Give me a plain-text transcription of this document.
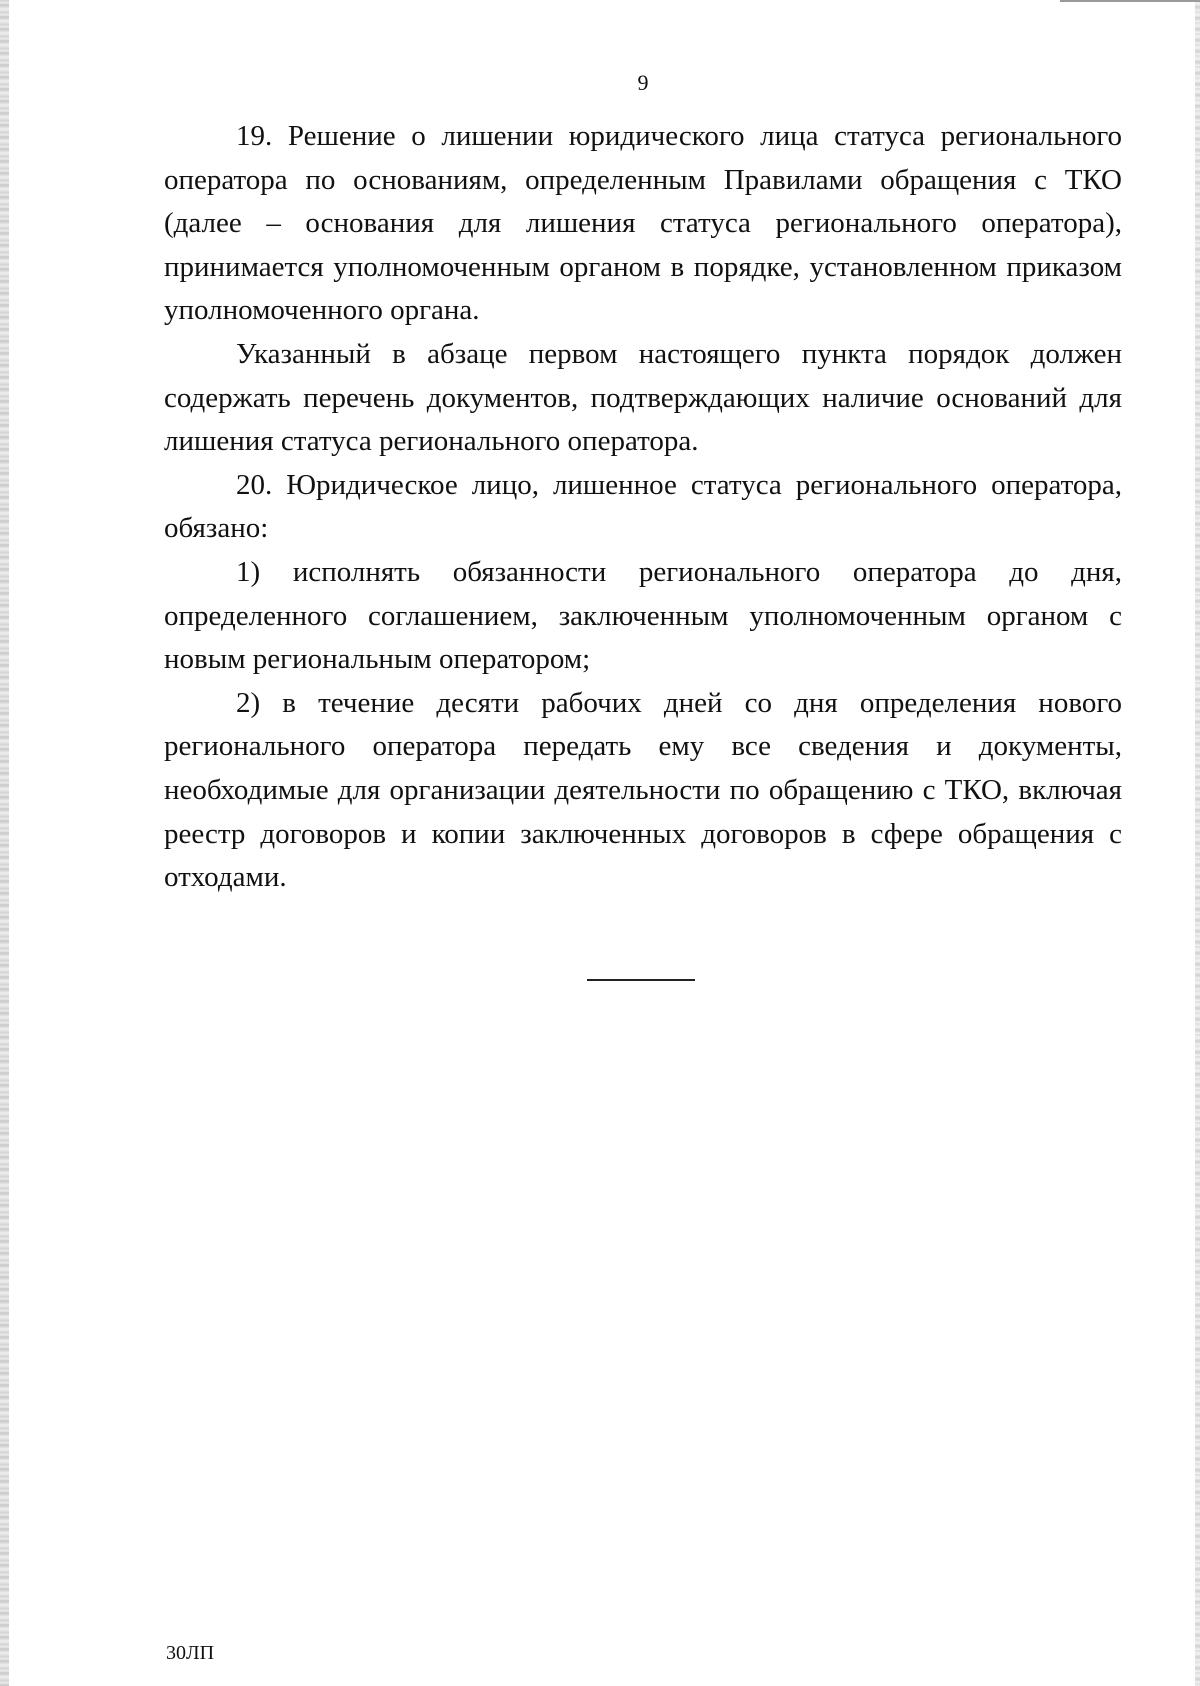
9

19. Решение о лишении юридического лица статуса регионального оператора по основаниям, определенным Правилами обращения с ТКО (далее – основания для лишения статуса регионального оператора), принимается уполномоченным органом в порядке, установленном приказом уполномоченного органа.

Указанный в абзаце первом настоящего пункта порядок должен содержать перечень документов, подтверждающих наличие оснований для лишения статуса регионального оператора.

20. Юридическое лицо, лишенное статуса регионального оператора, обязано:

1) исполнять обязанности регионального оператора до дня, определенного соглашением, заключенным уполномоченным органом с новым региональным оператором;

2) в течение десяти рабочих дней со дня определения нового регионального оператора передать ему все сведения и документы, необходимые для организации деятельности по обращению с ТКО, включая реестр договоров и копии заключенных договоров в сфере обращения с отходами.

30ЛП
